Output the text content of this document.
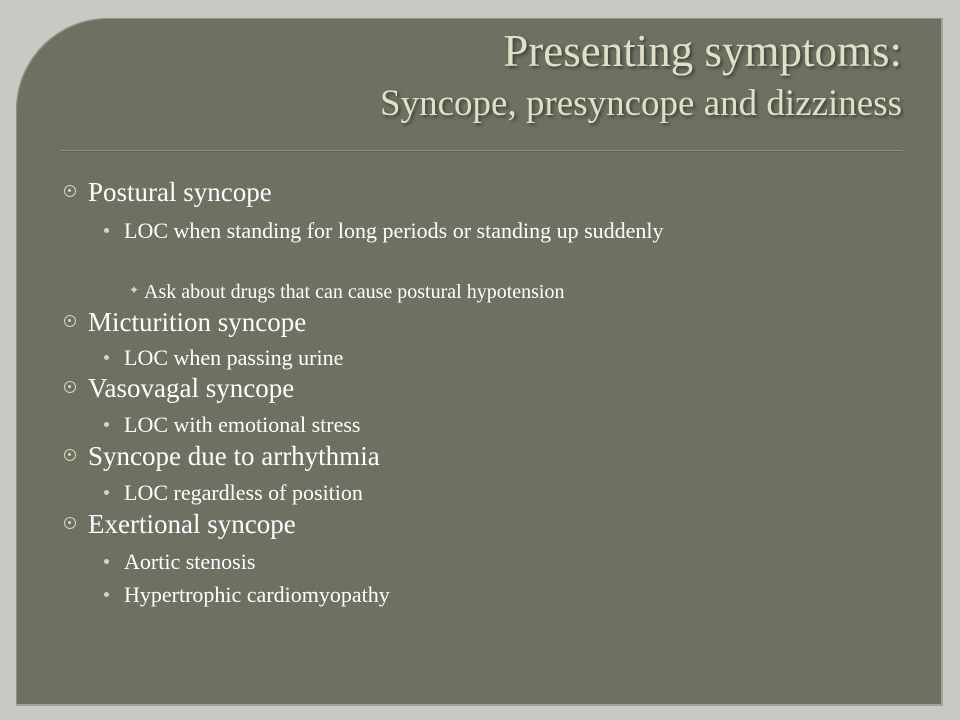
Presenting symptoms:
Syncope, presyncope and dizziness
Postural syncope
LOC when standing for long periods or standing up suddenly
✦ Ask about drugs that can cause postural hypotension
Micturition syncope
LOC when passing urine
Vasovagal syncope
LOC with emotional stress
Syncope due to arrhythmia
LOC regardless of position
Exertional syncope
Aortic stenosis
Hypertrophic cardiomyopathy
